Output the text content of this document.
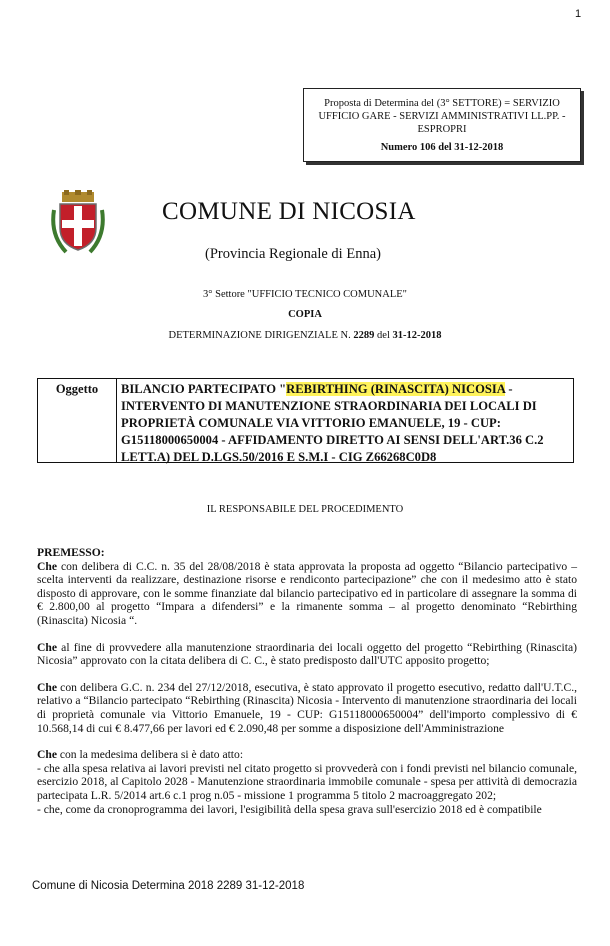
1
Proposta di Determina del (3° SETTORE) = SERVIZIO
UFFICIO GARE - SERVIZI AMMINISTRATIVI LL.PP. -
ESPROPRI
Numero 106 del 31-12-2018
COMUNE DI NICOSIA
(Provincia Regionale di Enna)
3° Settore "UFFICIO TECNICO COMUNALE"
COPIA
DETERMINAZIONE DIRIGENZIALE N. 2289 del 31-12-2018
Oggetto	BILANCIO PARTECIPATO "REBIRTHING (RINASCITA) NICOSIA - INTERVENTO DI MANUTENZIONE STRAORDINARIA DEI LOCALI DI PROPRIETÀ COMUNALE VIA VITTORIO EMANUELE, 19 - CUP: G15118000650004 - AFFIDAMENTO DIRETTO AI SENSI DELL'ART.36 C.2 LETT.A) DEL D.LGS.50/2016 E S.M.I - CIG Z66268C0D8
IL RESPONSABILE DEL PROCEDIMENTO

PREMESSO:

Che con delibera di C.C. n. 35 del 28/08/2018 è stata approvata la proposta ad oggetto “Bilancio partecipativo – scelta interventi da realizzare, destinazione risorse e rendiconto partecipazione” che con il medesimo atto è stato disposto di approvare, con le somme finanziate dal bilancio partecipativo ed in particolare di assegnare la somma di € 2.800,00 al progetto “Impara a difendersi” e la rimanente somma – al progetto denominato “Rebirthing (Rinascita) Nicosia “.

Che al fine di provvedere alla manutenzione straordinaria dei locali oggetto del progetto “Rebirthing (Rinascita) Nicosia” approvato con la citata delibera di C. C., è stato predisposto dall'UTC apposito progetto;

Che con delibera G.C. n. 234 del 27/12/2018, esecutiva, è stato approvato il progetto esecutivo, redatto dall'U.T.C., relativo a “Bilancio partecipato “Rebirthing (Rinascita) Nicosia - Intervento di manutenzione straordinaria dei locali di proprietà comunale via Vittorio Emanuele, 19 - CUP: G15118000650004” dell'importo complessivo di € 10.568,14 di cui € 8.477,66 per lavori ed € 2.090,48 per somme a disposizione dell'Amministrazione

Che con la medesima delibera si è dato atto:

- che alla spesa relativa ai lavori previsti nel citato progetto si provvederà con i fondi previsti nel bilancio comunale, esercizio 2018, al Capitolo 2028 - Manutenzione straordinaria immobile comunale - spesa per attività di democrazia partecipata L.R. 5/2014 art.6 c.1 prog n.05 - missione 1 programma 5 titolo 2 macroaggregato 202;

- che, come da cronoprogramma dei lavori, l'esigibilità della spesa grava sull'esercizio 2018 ed è compatibile

Comune di Nicosia Determina 2018 2289 31-12-2018
